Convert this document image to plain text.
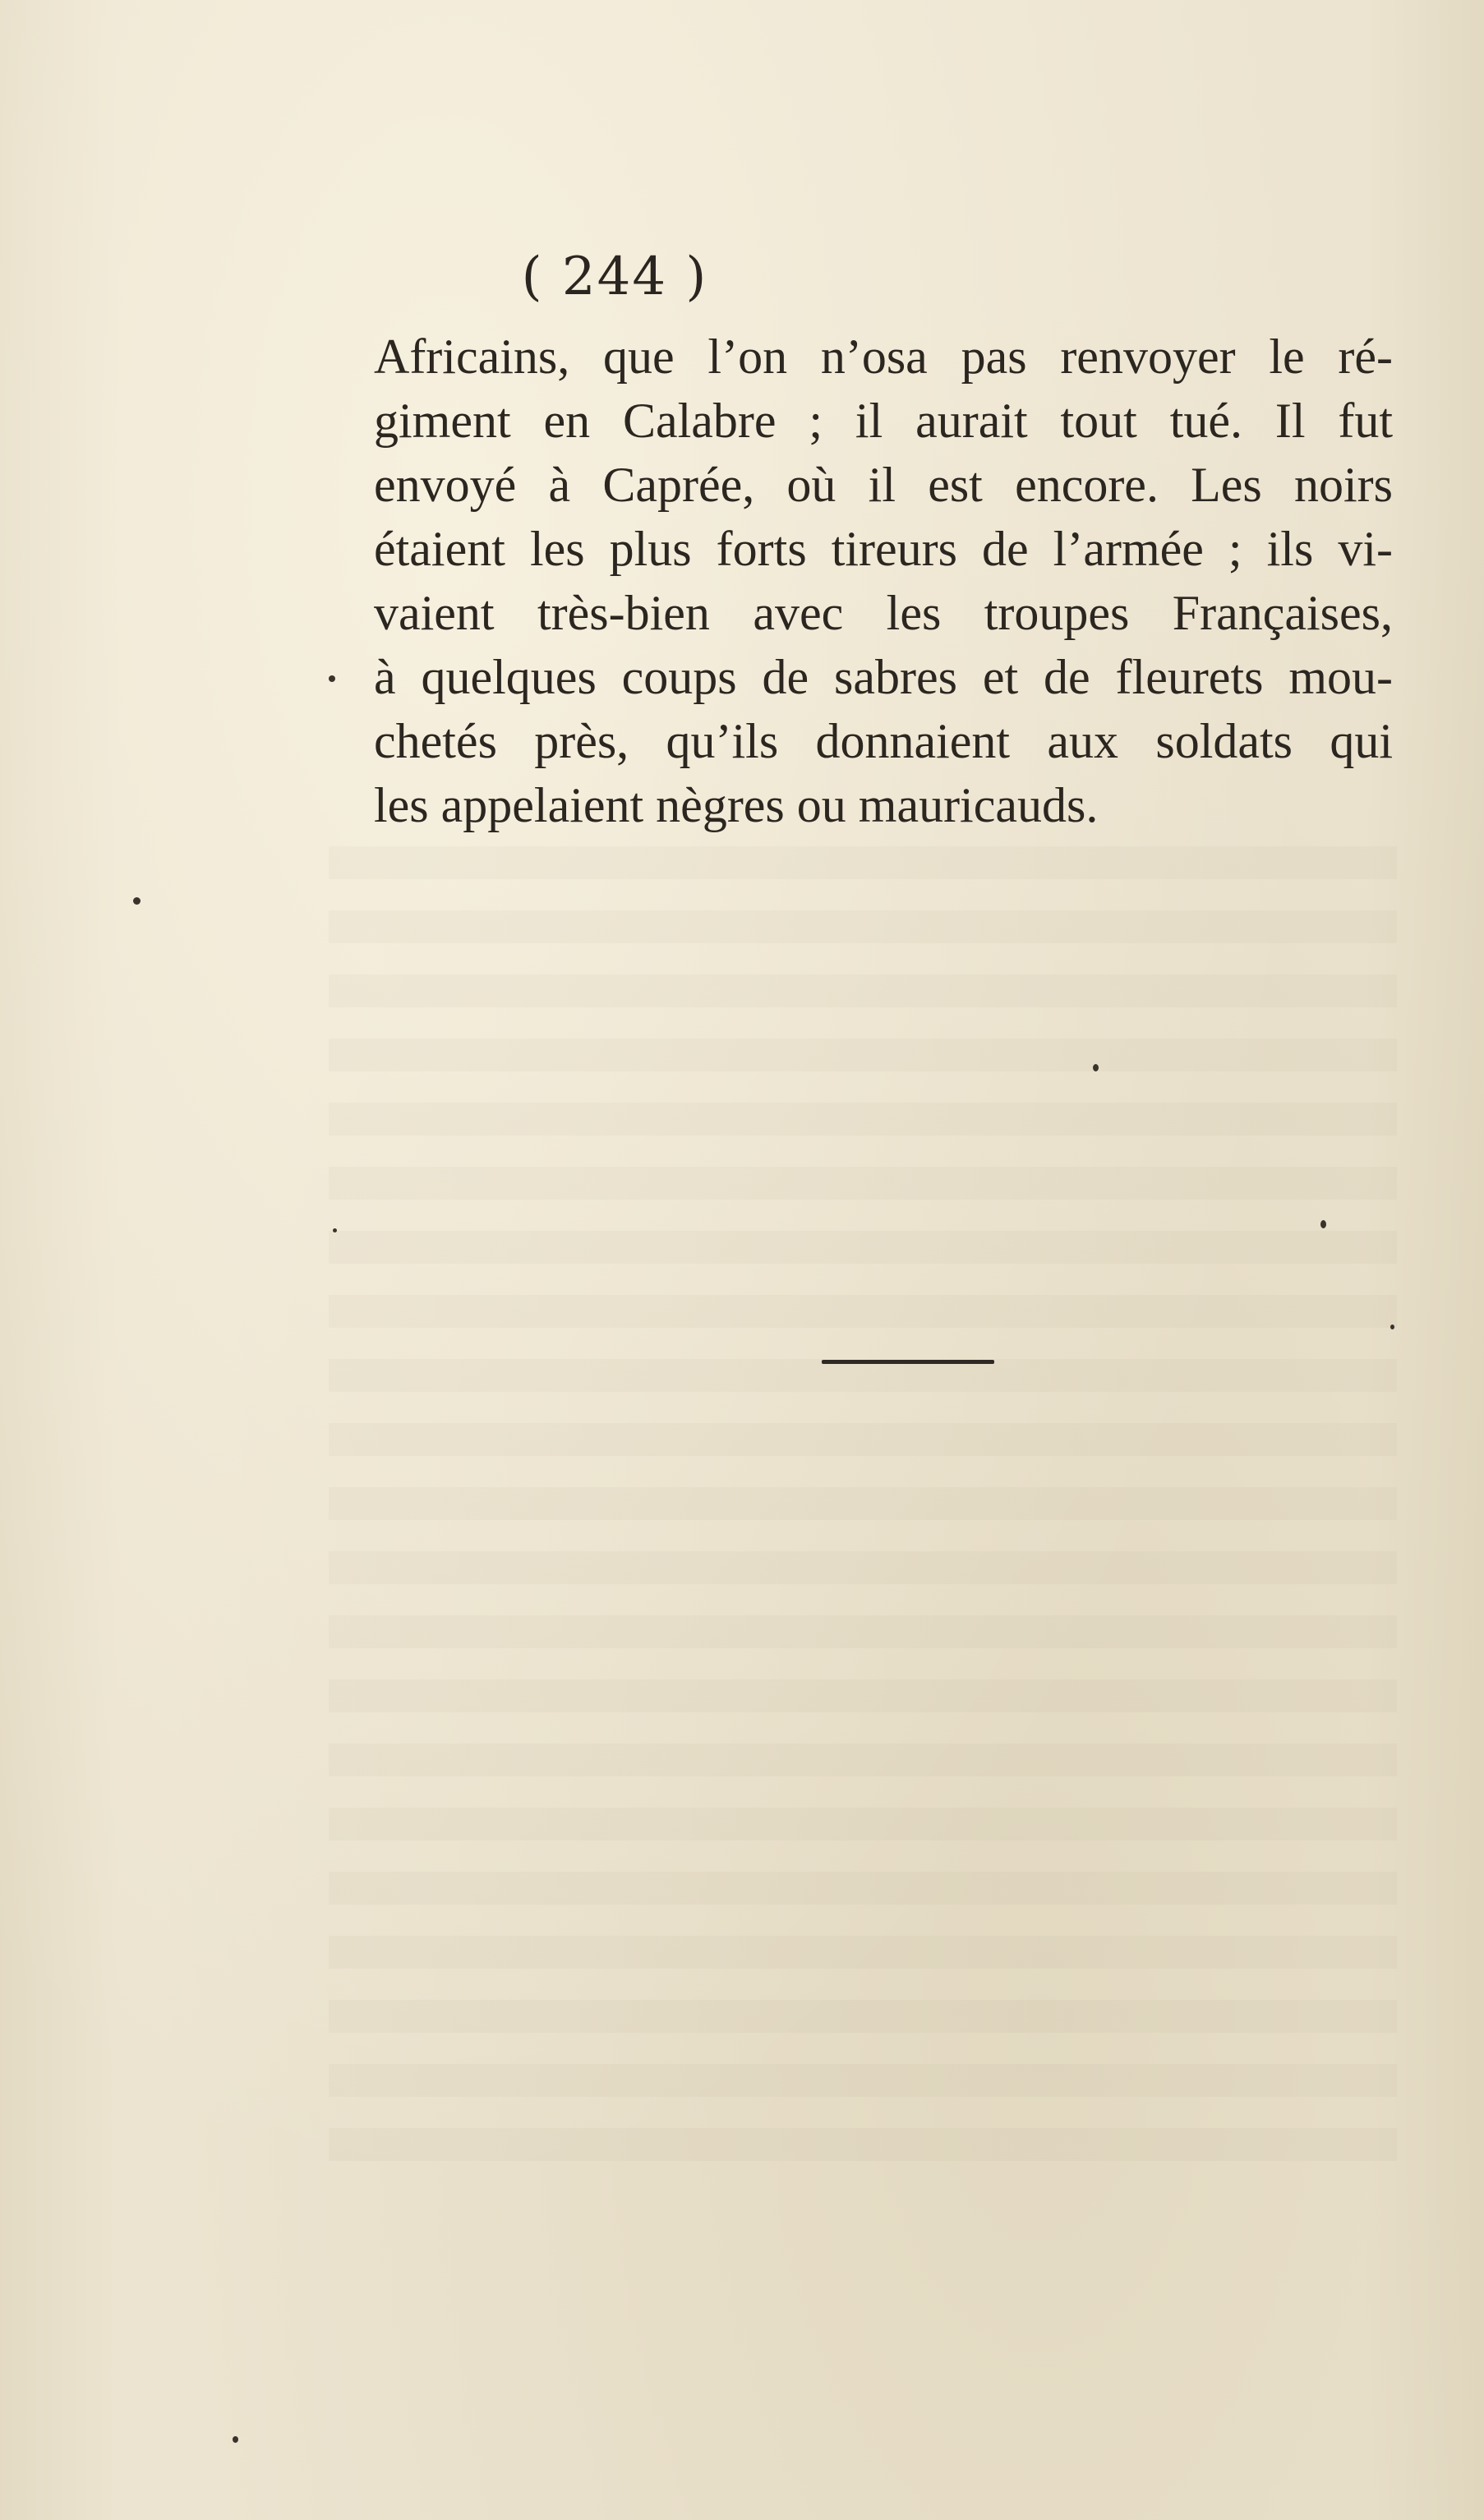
( 244 )
Africains, que l’on n’osa pas renvoyer le ré-
giment en Calabre ; il aurait tout tué. Il fut
envoyé à Caprée, où il est encore. Les noirs
étaient les plus forts tireurs de l’armée ; ils vi-
vaient très-bien avec les troupes Françaises,
à quelques coups de sabres et de fleurets mou-
chetés près, qu’ils donnaient aux soldats qui
les appelaient nègres ou mauricauds.
